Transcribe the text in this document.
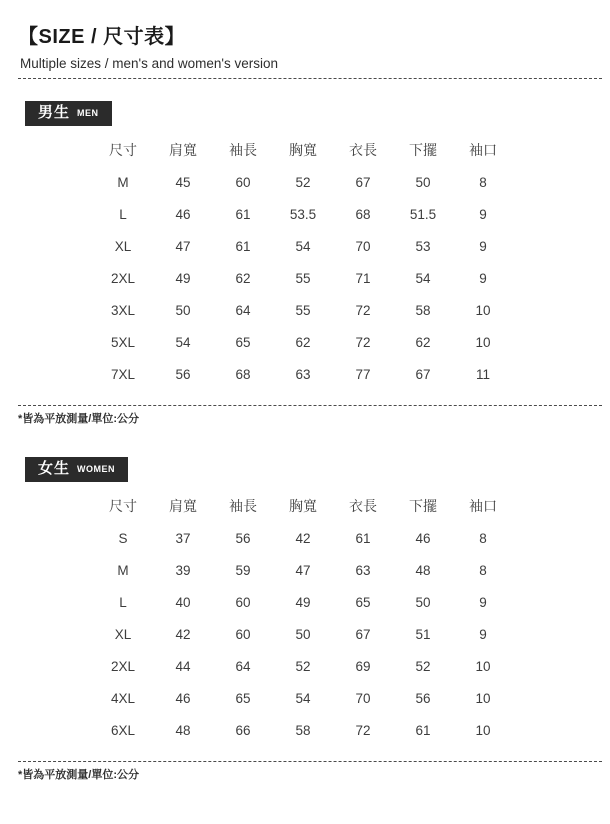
【SIZE / 尺寸表】

Multiple sizes / men's and women's version

男生 MEN
尺寸	肩寬	袖長	胸寬	衣長	下擺	袖口
M	45	60	52	67	50	8
L	46	61	53.5	68	51.5	9
XL	47	61	54	70	53	9
2XL	49	62	55	71	54	9
3XL	50	64	55	72	58	10
5XL	54	65	62	72	62	10
7XL	56	68	63	77	67	11

*皆為平放測量/單位:公分

女生 WOMEN
尺寸	肩寬	袖長	胸寬	衣長	下擺	袖口
S	37	56	42	61	46	8
M	39	59	47	63	48	8
L	40	60	49	65	50	9
XL	42	60	50	67	51	9
2XL	44	64	52	69	52	10
4XL	46	65	54	70	56	10
6XL	48	66	58	72	61	10

*皆為平放測量/單位:公分
